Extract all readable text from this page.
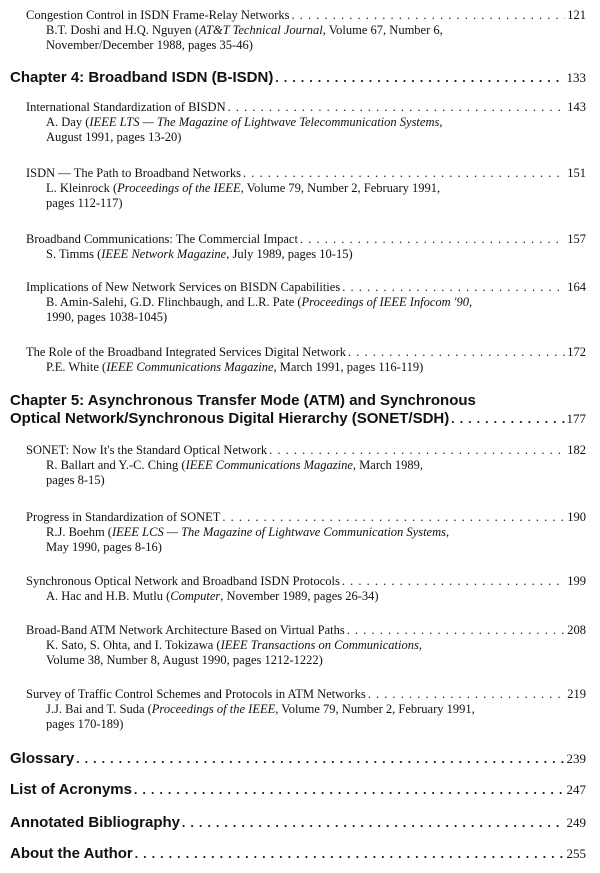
Congestion Control in ISDN Frame-Relay Networks . . .	121
B.T. Doshi and H.Q. Nguyen (AT&T Technical Journal, Volume 67, Number 6,
November/December 1988, pages 35-46)
Chapter 4: Broadband ISDN (B-ISDN) . . .	133
International Standardization of BISDN . . .	143
A. Day (IEEE LTS — The Magazine of Lightwave Telecommunication Systems,
August 1991, pages 13-20)
ISDN — The Path to Broadband Networks . . .	151
L. Kleinrock (Proceedings of the IEEE, Volume 79, Number 2, February 1991,
pages 112-117)
Broadband Communications: The Commercial Impact . . .	157
S. Timms (IEEE Network Magazine, July 1989, pages 10-15)
Implications of New Network Services on BISDN Capabilities . . .	164
B. Amin-Salehi, G.D. Flinchbaugh, and L.R. Pate (Proceedings of IEEE Infocom '90,
1990, pages 1038-1045)
The Role of the Broadband Integrated Services Digital Network . . .	172
P.E. White (IEEE Communications Magazine, March 1991, pages 116-119)
Chapter 5: Asynchronous Transfer Mode (ATM) and Synchronous
Optical Network/Synchronous Digital Hierarchy (SONET/SDH) . . .	177
SONET: Now It's the Standard Optical Network . . .	182
R. Ballart and Y.-C. Ching (IEEE Communications Magazine, March 1989,
pages 8-15)
Progress in Standardization of SONET . . .	190
R.J. Boehm (IEEE LCS — The Magazine of Lightwave Communication Systems,
May 1990, pages 8-16)
Synchronous Optical Network and Broadband ISDN Protocols . . .	199
A. Hac and H.B. Mutlu (Computer, November 1989, pages 26-34)
Broad-Band ATM Network Architecture Based on Virtual Paths . . .	208
K. Sato, S. Ohta, and I. Tokizawa (IEEE Transactions on Communications,
Volume 38, Number 8, August 1990, pages 1212-1222)
Survey of Traffic Control Schemes and Protocols in ATM Networks . . .	219
J.J. Bai and T. Suda (Proceedings of the IEEE, Volume 79, Number 2, February 1991,
pages 170-189)
Glossary . . .	239
List of Acronyms . . .	247
Annotated Bibliography . . .	249
About the Author . . .	255
